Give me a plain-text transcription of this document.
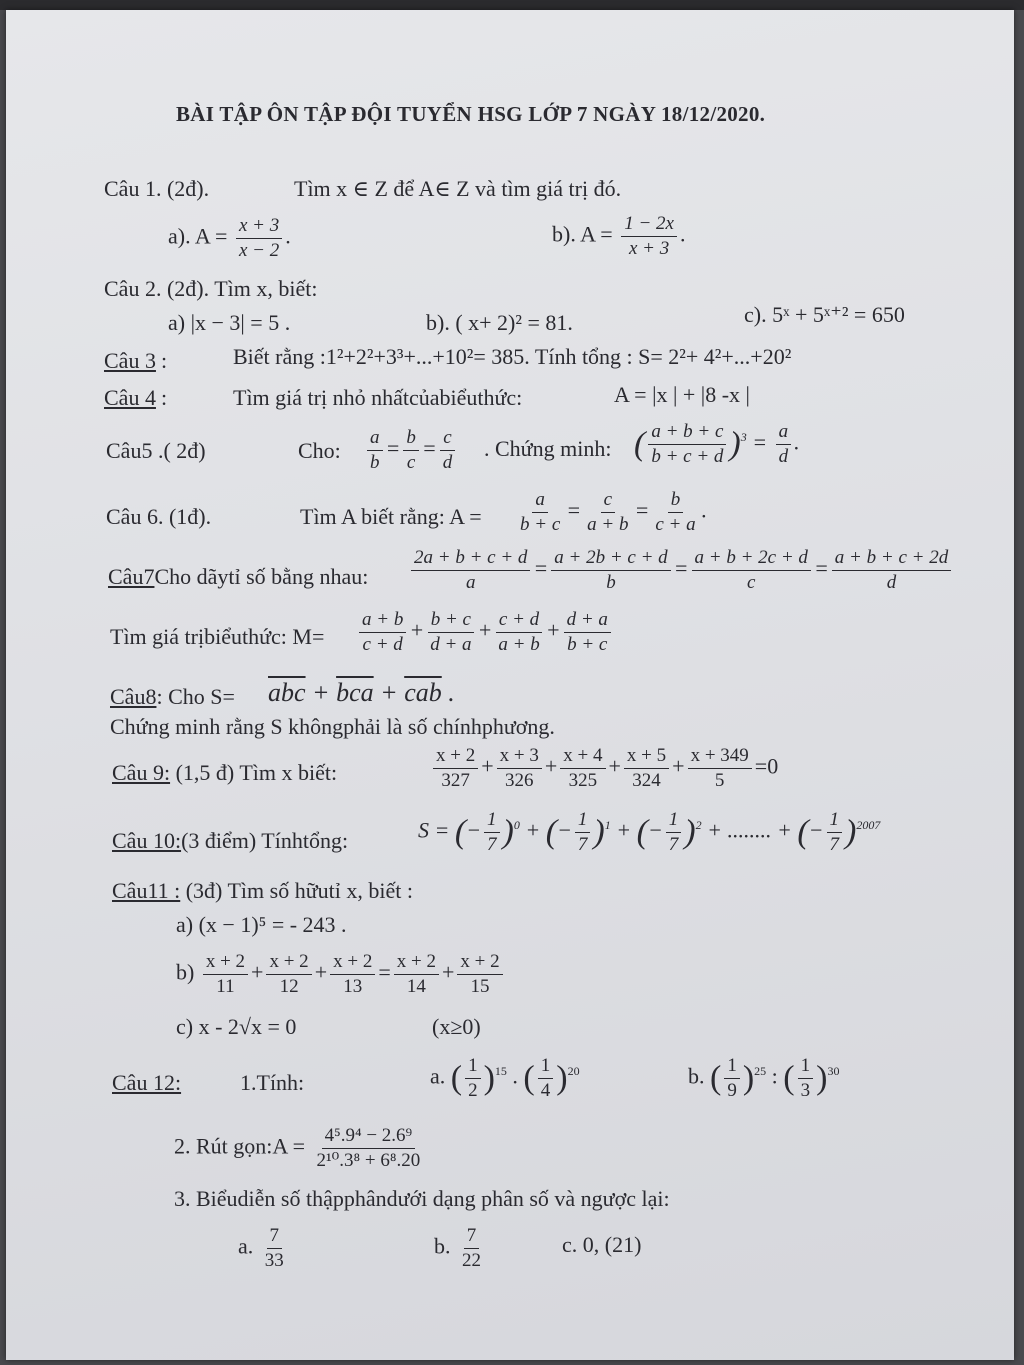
BÀI TẬP ÔN TẬP ĐỘI TUYỂN HSG LỚP 7 NGÀY 18/12/2020.
Câu 1. (2đ).	Tìm x ∈ Z để A∈ Z và tìm giá trị đó.
a). $A = \frac{x + 3}{x - 2}$ .	b). $A = \frac{1 - 2x}{x + 3}$ .
Câu 2. (2đ). Tìm x, biết:
a) |x − 3| = 5 .	b). ( x+ 2)² = 81.	c). 5ˣ + 5ˣ⁺² = 650
Câu 3 :	Biết rằng :1²+2²+3³+...+10²= 385. Tính tổng : S= 2²+ 4²+...+20²
Câu 4 :	Tìm giá trị nhỏ nhấtcủabiểuthức:	A = |x | + |8 -x |
Câu5 .( 2đ)	Cho: $\frac{a}{b} = \frac{b}{c} = \frac{c}{d}$ . Chứng minh: ( $\frac{a + b + c}{b + c + d} )^3 = \frac{a}{d}$ .
Câu 6. (1đ).	Tìm A biết rằng: $A = \frac{a}{b + c} = \frac{c}{a + b} = \frac{b}{c + a}$ .
Câu7Cho dãytỉ số bằng nhau: $\frac{2a + b + c + d}{a} = \frac{a + 2b + c + d}{b} = \frac{a + b + 2c + d}{c} = \frac{a + b + c + 2d}{d}$
Tìm giá trịbiểuthức: $M= \frac{a + b}{c + d} + \frac{b + c}{d + a} + \frac{c + d}{a + b} + \frac{d + a}{b + c}$
Câu8: Cho $S= \overline{abc} + \overline{bca} + \overline{cab}$ .
Chứng minh rằng S khôngphải là số chínhphương.
Câu 9: (1,5 đ) Tìm x biết:	$\frac{x + 2}{327} + \frac{x + 3}{326} + \frac{x + 4}{325} + \frac{x + 5}{324} + \frac{x + 349}{5} =0$
Câu 10:(3 điểm) Tínhtổng:	S = (− $\frac{1}{7} )^0$ + (− $\frac{1}{7} )^1$ + (− $\frac{1}{7} )^2$ + ........ + (− $\frac{1}{7} )^{2007}$
Câu11 : (3đ) Tìm số hữutỉ x, biết :
a) (x − 1)⁵ = - 243 .
$b) \frac{x + 2}{11} + \frac{x + 2}{12} + \frac{x + 2}{13} = \frac{x + 2}{14} + \frac{x + 2}{15}$
c) x - 2√x = 0	(x≥0)
Câu 12:	1.Tính:	a. ( $\frac{1}{2} )^{15}$ . ( $\frac{1}{4} )^{20}$	b. ( $\frac{1}{9} )^{25}$ : ( $\frac{1}{3} )^{30}$
2. Rút gọn:A = $\frac{\text{4⁵.9⁴ − 2.6⁹}}{\text{2¹⁰.3⁸ + 6⁸.20}}$
3. Biểudiễn số thậpphândưới dạng phân số và ngược lại:
a. $\frac{7}{33}$	b. $\frac{7}{22}$	c. 0, (21)
